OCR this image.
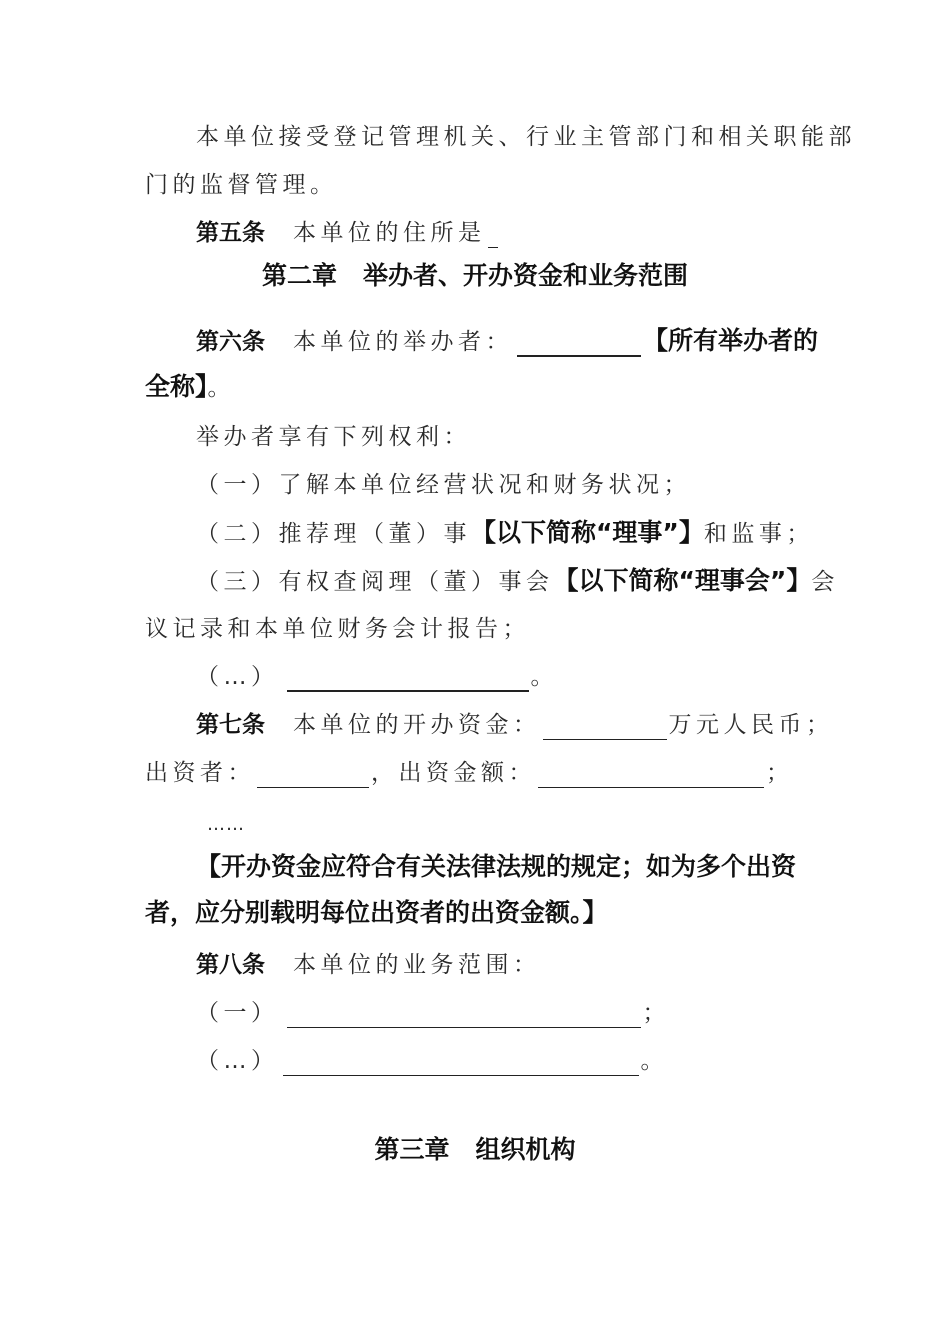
本单位接受登记管理机关、行业主管部门和相关职能部
门的监督管理。
第五条 本单位的住所是
第二章 举办者、开办资金和业务范围
第六条 本单位的举办者：	【所有举办者的
全称】。
举办者享有下列权利：
（一）了解本单位经营状况和财务状况；
（二）推荐理（董）事【以下简称“理事”】和监事；
（三）有权查阅理（董）事会【以下简称“理事会”】会
议记录和本单位财务会计报告；
（…）	。
第七条 本单位的开办资金：	万元人民币；
出资者：	，出资金额：	；
……
【开办资金应符合有关法律法规的规定；如为多个出资
者，应分别载明每位出资者的出资金额。】
第八条 本单位的业务范围：
（一）	；
（…）	。
第三章 组织机构
